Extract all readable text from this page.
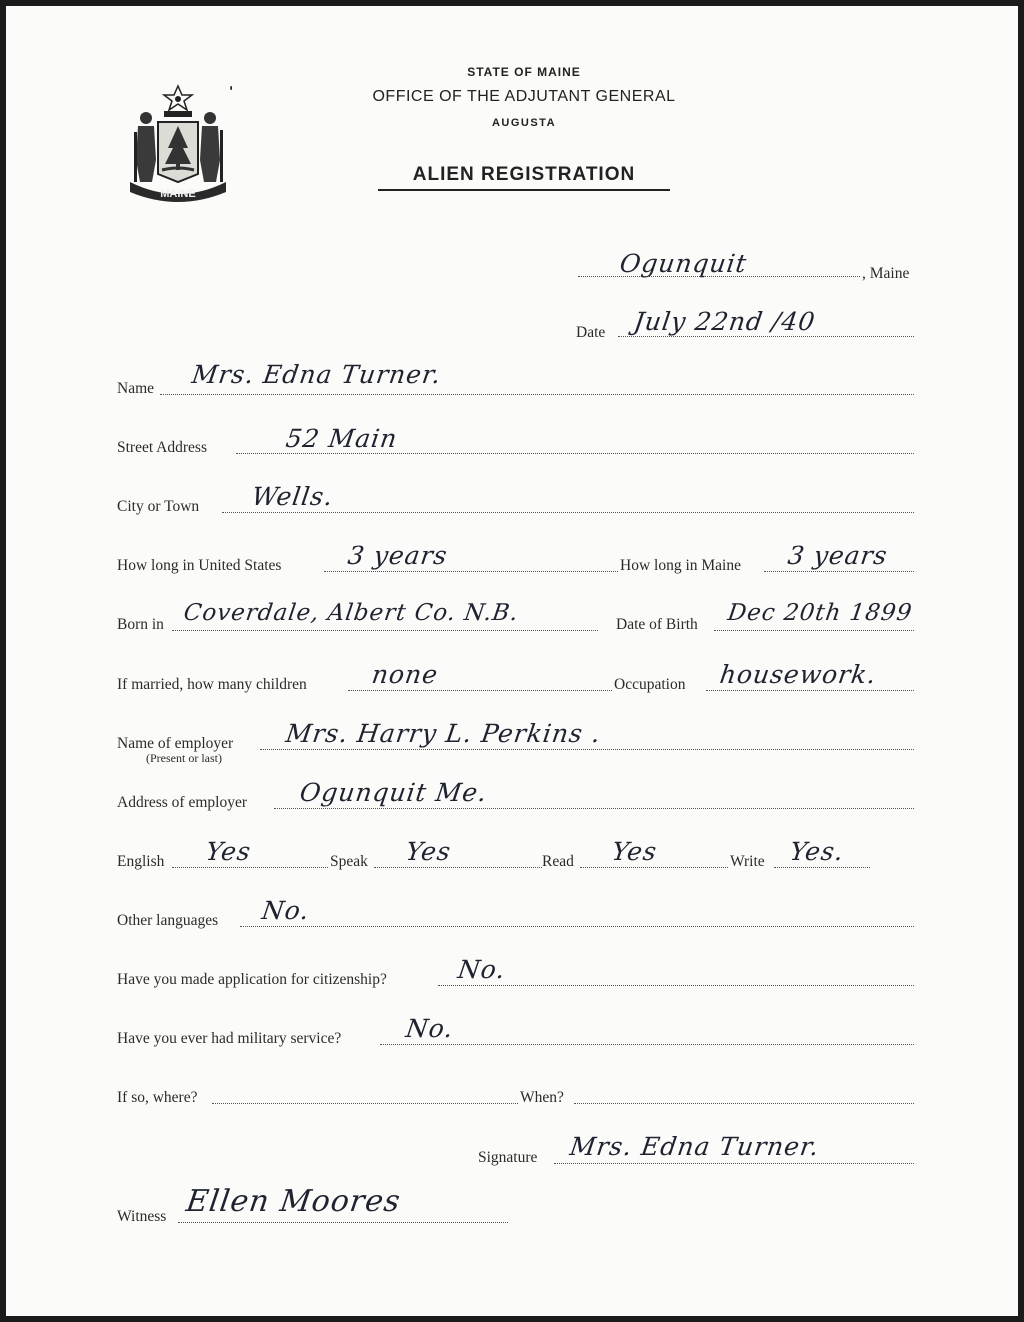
MAINE
STATE OF MAINE
OFFICE OF THE ADJUTANT GENERAL
AUGUSTA
ALIEN REGISTRATION
Ogunquit	, Maine
Date July 22nd /40
Name Mrs. Edna Turner.
Street Address	52 Main
City or Town Wells.
How long in United States	3 years	How long in Maine 3 years
Born in Coverdale, Albert Co. N.B.	Date of Birth Dec 20th 1899
If married, how many children	none	Occupation housework.
Name of employer
(Present or last)
Mrs. Harry L. Perkins .
Address of employer Ogunquit Me.
English Yes	Speak Yes	Read Yes	Write Yes.
Other languages No.
Have you made application for citizenship?	No.
Have you ever had military service?	No.
If so, where?	When?
Signature Mrs. Edna Turner.
Witness Ellen Moores
